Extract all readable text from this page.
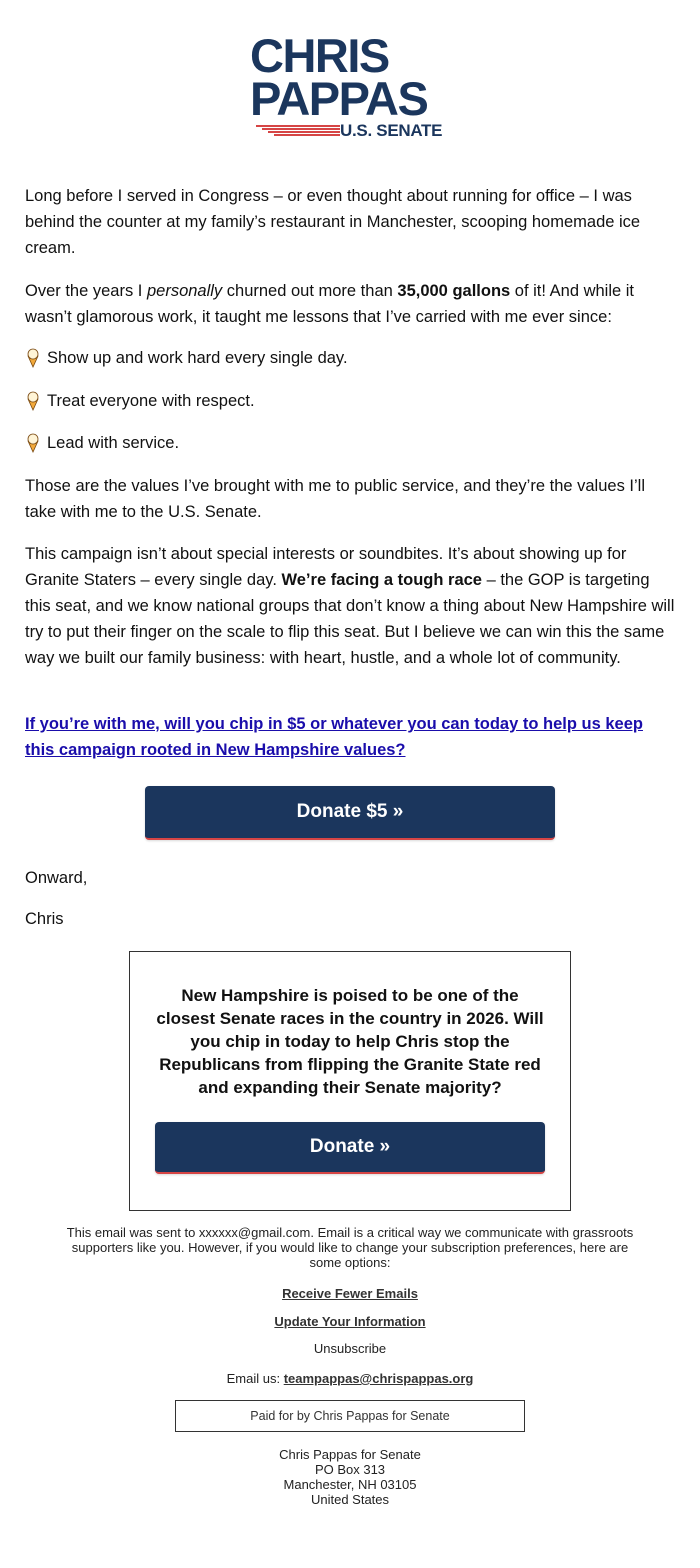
CHRIS
PAPPAS
U.S. SENATE

Long before I served in Congress – or even thought about running for office – I was behind the counter at my family’s restaurant in Manchester, scooping homemade ice cream.

Over the years I personally churned out more than 35,000 gallons of it! And while it wasn’t glamorous work, it taught me lessons that I’ve carried with me ever since:

Show up and work hard every single day.
Treat everyone with respect.
Lead with service.

Those are the values I’ve brought with me to public service, and they’re the values I’ll take with me to the U.S. Senate.

This campaign isn’t about special interests or soundbites. It’s about showing up for Granite Staters – every single day. We’re facing a tough race – the GOP is targeting this seat, and we know national groups that don’t know a thing about New Hampshire will try to put their finger on the scale to flip this seat. But I believe we can win this the same way we built our family business: with heart, hustle, and a whole lot of community.

If you’re with me, will you chip in $5 or whatever you can today to help us keep this campaign rooted in New Hampshire values?
Donate $5 »
Onward,
Chris
New Hampshire is poised to be one of the closest Senate races in the country in 2026. Will you chip in today to help Chris stop the Republicans from flipping the Granite State red and expanding their Senate majority?
Donate »
This email was sent to xxxxxx@gmail.com. Email is a critical way we communicate with grassroots supporters like you. However, if you would like to change your subscription preferences, here are some options:
Receive Fewer Emails
Update Your Information
Unsubscribe
Email us: teampappas@chrispappas.org
Paid for by Chris Pappas for Senate
Chris Pappas for Senate
PO Box 313
Manchester, NH 03105
United States
